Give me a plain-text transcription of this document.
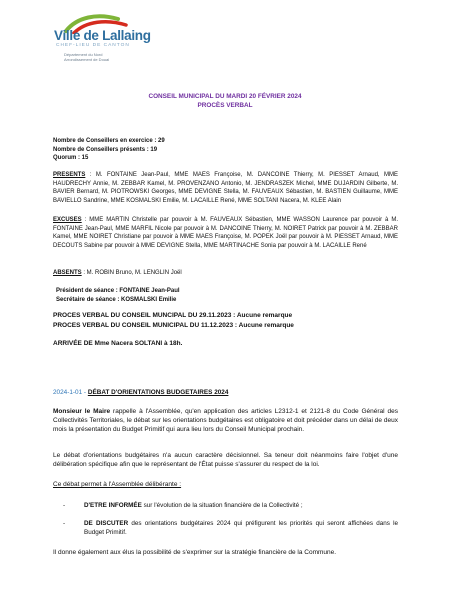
Ville de Lallaing
CHEF-LIEU DE CANTON
Département du Nord
Arrondissement de Douai
CONSEIL MUNICIPAL DU MARDI 20 FÉVRIER 2024
PROCÈS VERBAL
Nombre de Conseillers en exercice : 29
Nombre de Conseillers présents : 19
Quorum : 15

PRESENTS : M. FONTAINE Jean-Paul, MME MAES Françoise, M. DANCOINE Thierry, M. PIESSET Arnaud, MME HAUDRECHY Annie, M. ZEBBAR Kamel, M. PROVENZANO Antonio, M. JENDRASZEK Michel, MME DUJARDIN Gilberte, M. BAVIER Bernard, M. PIOTROWSKI Georges, MME DEVIGNE Stella, M. FAUVEAUX Sébastien, M. BASTIEN Guillaume, MME BAVIELLO Sandrine, MME KOSMALSKI Emilie, M. LACAILLE René, MME SOLTANI Nacera, M. KLEE Alain

EXCUSES : MME MARTIN Christelle par pouvoir à M. FAUVEAUX Sébastien, MME WASSON Laurence par pouvoir à M. FONTAINE Jean-Paul, MME MARFIL Nicole par pouvoir à M. DANCOINE Thierry, M. NOIRET Patrick par pouvoir à M. ZEBBAR Kamel, MME NOIRET Christiane par pouvoir à MME MAES Françoise, M. POPEK Joël par pouvoir à M. PIESSET Arnaud, MME DECOUTS Sabine par pouvoir à MME DEVIGNE Stella, MME MARTINACHE Sonia par pouvoir à M. LACAILLE René

ABSENTS : M. ROBIN Bruno, M. LENGLIN Joël

Président de séance : FONTAINE Jean-Paul
Secrétaire de séance : KOSMALSKI Emilie
PROCES VERBAL DU CONSEIL MUNCIPAL DU 29.11.2023 : Aucune remarque
PROCES VERBAL DU CONSEIL MUNICIPAL DU 11.12.2023 : Aucune remarque
ARRIVÉE DE Mme Nacera SOLTANI à 18h.
2024-1-01 - DÉBAT D'ORIENTATIONS BUDGETAIRES 2024

Monsieur le Maire rappelle à l'Assemblée, qu'en application des articles L2312-1 et 2121-8 du Code Général des Collectivités Territoriales, le débat sur les orientations budgétaires est obligatoire et doit précéder dans un délai de deux mois la présentation du Budget Primitif qui aura lieu lors du Conseil Municipal prochain.

Le débat d'orientations budgétaires n'a aucun caractère décisionnel. Sa teneur doit néanmoins faire l'objet d'une délibération spécifique afin que le représentant de l'État puisse s'assurer du respect de la loi.

Ce débat permet à l'Assemblée délibérante :
-	D'ETRE INFORMÉE sur l'évolution de la situation financière de la Collectivité ;
-	DE DISCUTER des orientations budgétaires 2024 qui préfigurent les priorités qui seront affichées dans le Budget Primitif.
Il donne également aux élus la possibilité de s'exprimer sur la stratégie financière de la Commune.
